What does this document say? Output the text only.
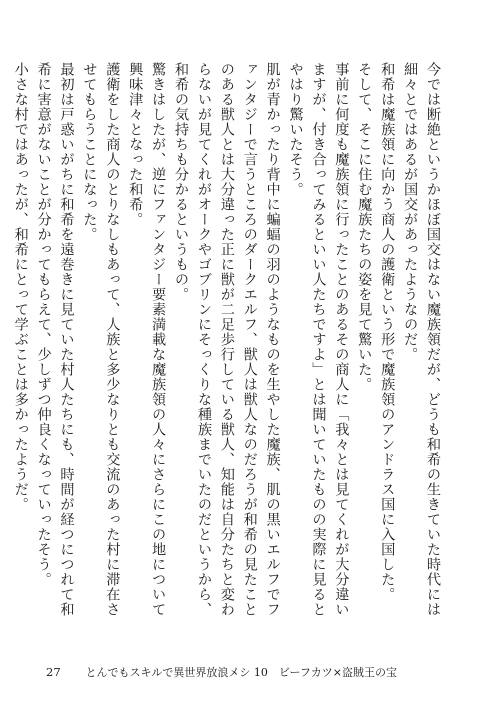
今では断絶というかほぼ国交はない魔族領だが、どうも和希の生きていた時代には細々とではあるが国交があったようなのだ。

和希は魔族領に向かう商人の護衛という形で魔族領のアンドラス国に入国した。

そして、そこに住む魔族たちの姿を見て驚いた。

事前に何度も魔族領に行ったことのあるその商人に「我々とは見てくれが大分違いますが、付き合ってみるといい人たちですよ」とは聞いていたものの実際に見るとやはり驚いたそう。

肌が青かったり背中に蝙蝠の羽のようなものを生やした魔族、肌の黒いエルフでファンタジーで言うところのダークエルフ、獣人は獣人なのだろうが和希の見たことのある獣人とは大分違った正に獣が二足歩行している獣人、知能は自分たちと変わらないが見てくれがオークやゴブリンにそっくりな種族までいたのだというから、和希の気持ちも分かるというもの。

驚きはしたが、逆にファンタジー要素満載な魔族領の人々にさらにこの地について興味津々となった和希。

護衛をした商人のとりなしもあって、人族と多少なりとも交流のあった村に滞在させてもらうことになった。

最初は戸惑いがちに和希を遠巻きに見ていた村人たちにも、時間が経つにつれて和希に害意がないことが分かってもらえて、少しずつ仲良くなっていったそう。

小さな村ではあったが、和希にとって学ぶことは多かったようだ。

27 とんでもスキルで異世界放浪メシ 10　ビーフカツ×盗賊王の宝
